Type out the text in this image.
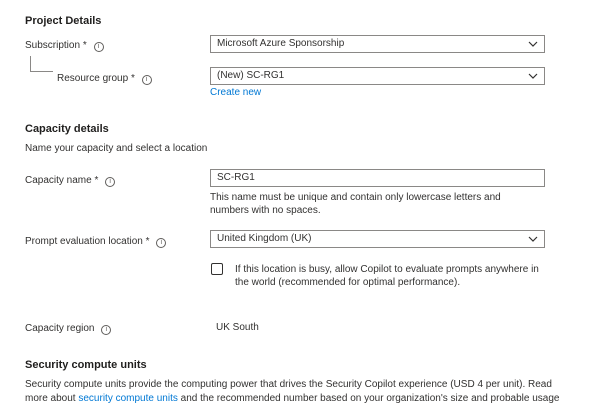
Project Details
Subscription * i	Microsoft Azure Sponsorship
Resource group * i	(New) SC-RG1
Create new
Capacity details
Name your capacity and select a location
Capacity name * i	SC-RG1
This name must be unique and contain only lowercase letters and numbers with no spaces.
Prompt evaluation location * i	United Kingdom (UK)
If this location is busy, allow Copilot to evaluate prompts anywhere in the world (recommended for optimal performance).
Capacity region i	UK South
Security compute units
Security compute units provide the computing power that drives the Security Copilot experience (USD 4 per unit). Read
more about security compute units and the recommended number based on your organization's size and probable usage
